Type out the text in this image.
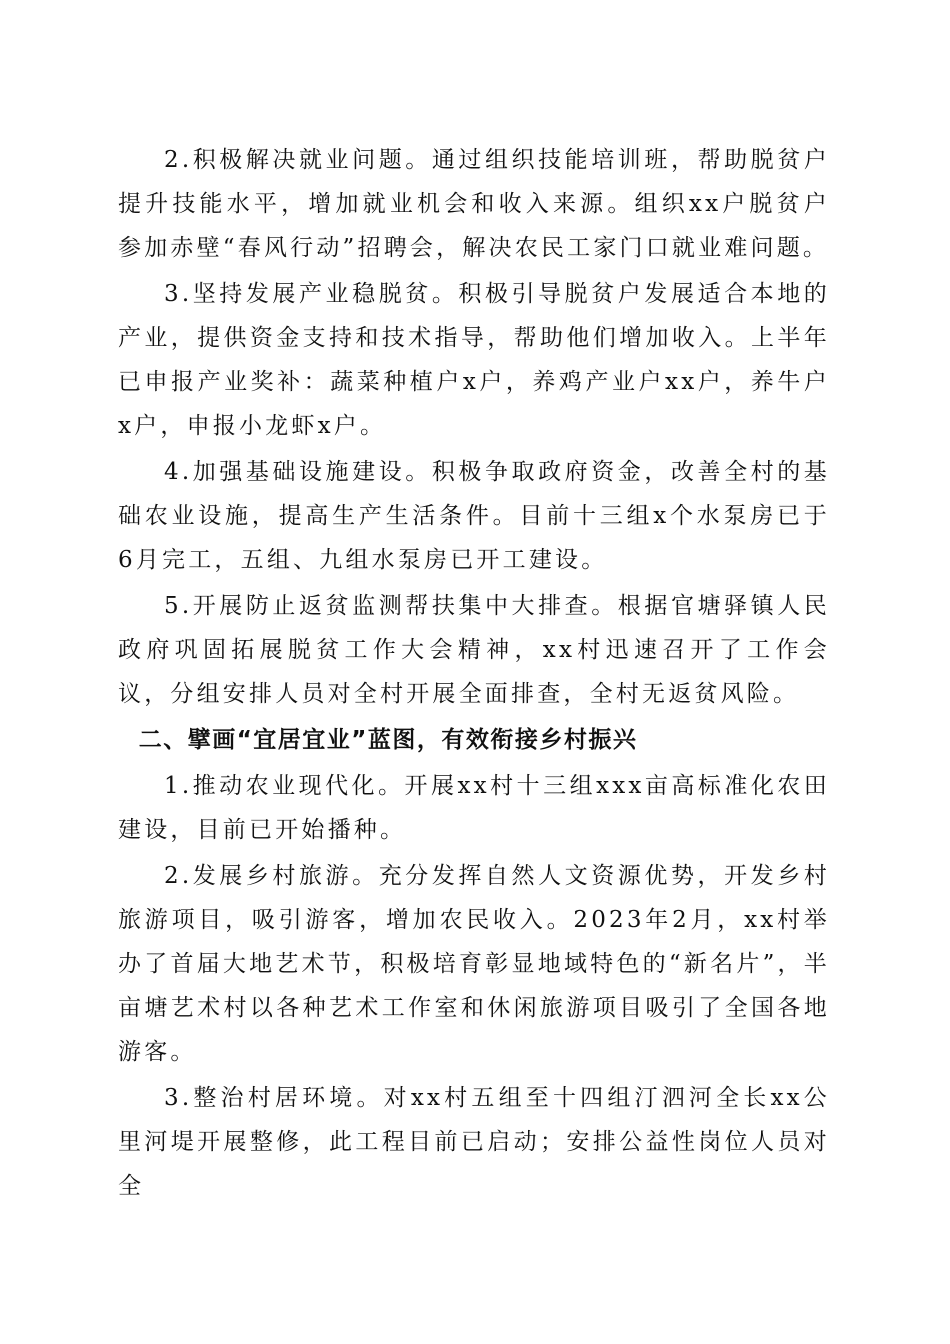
2.积极解决就业问题。通过组织技能培训班，帮助脱贫户提升技能水平，增加就业机会和收入来源。组织xx户脱贫户参加赤壁“春风行动”招聘会，解决农民工家门口就业难问题。

3.坚持发展产业稳脱贫。积极引导脱贫户发展适合本地的产业，提供资金支持和技术指导，帮助他们增加收入。上半年已申报产业奖补：蔬菜种植户x户，养鸡产业户xx户，养牛户x户，申报小龙虾x户。

4.加强基础设施建设。积极争取政府资金，改善全村的基础农业设施，提高生产生活条件。目前十三组x个水泵房已于6月完工，五组、九组水泵房已开工建设。

5.开展防止返贫监测帮扶集中大排查。根据官塘驿镇人民政府巩固拓展脱贫工作大会精神，xx村迅速召开了工作会议，分组安排人员对全村开展全面排查，全村无返贫风险。

二、擘画“宜居宜业”蓝图，有效衔接乡村振兴

1.推动农业现代化。开展xx村十三组xxx亩高标准化农田建设，目前已开始播种。

2.发展乡村旅游。充分发挥自然人文资源优势，开发乡村旅游项目，吸引游客，增加农民收入。2023年2月，xx村举办了首届大地艺术节，积极培育彰显地域特色的“新名片”，半亩塘艺术村以各种艺术工作室和休闲旅游项目吸引了全国各地游客。

3.整治村居环境。对xx村五组至十四组汀泗河全长xx公里河堤开展整修，此工程目前已启动；安排公益性岗位人员对全
